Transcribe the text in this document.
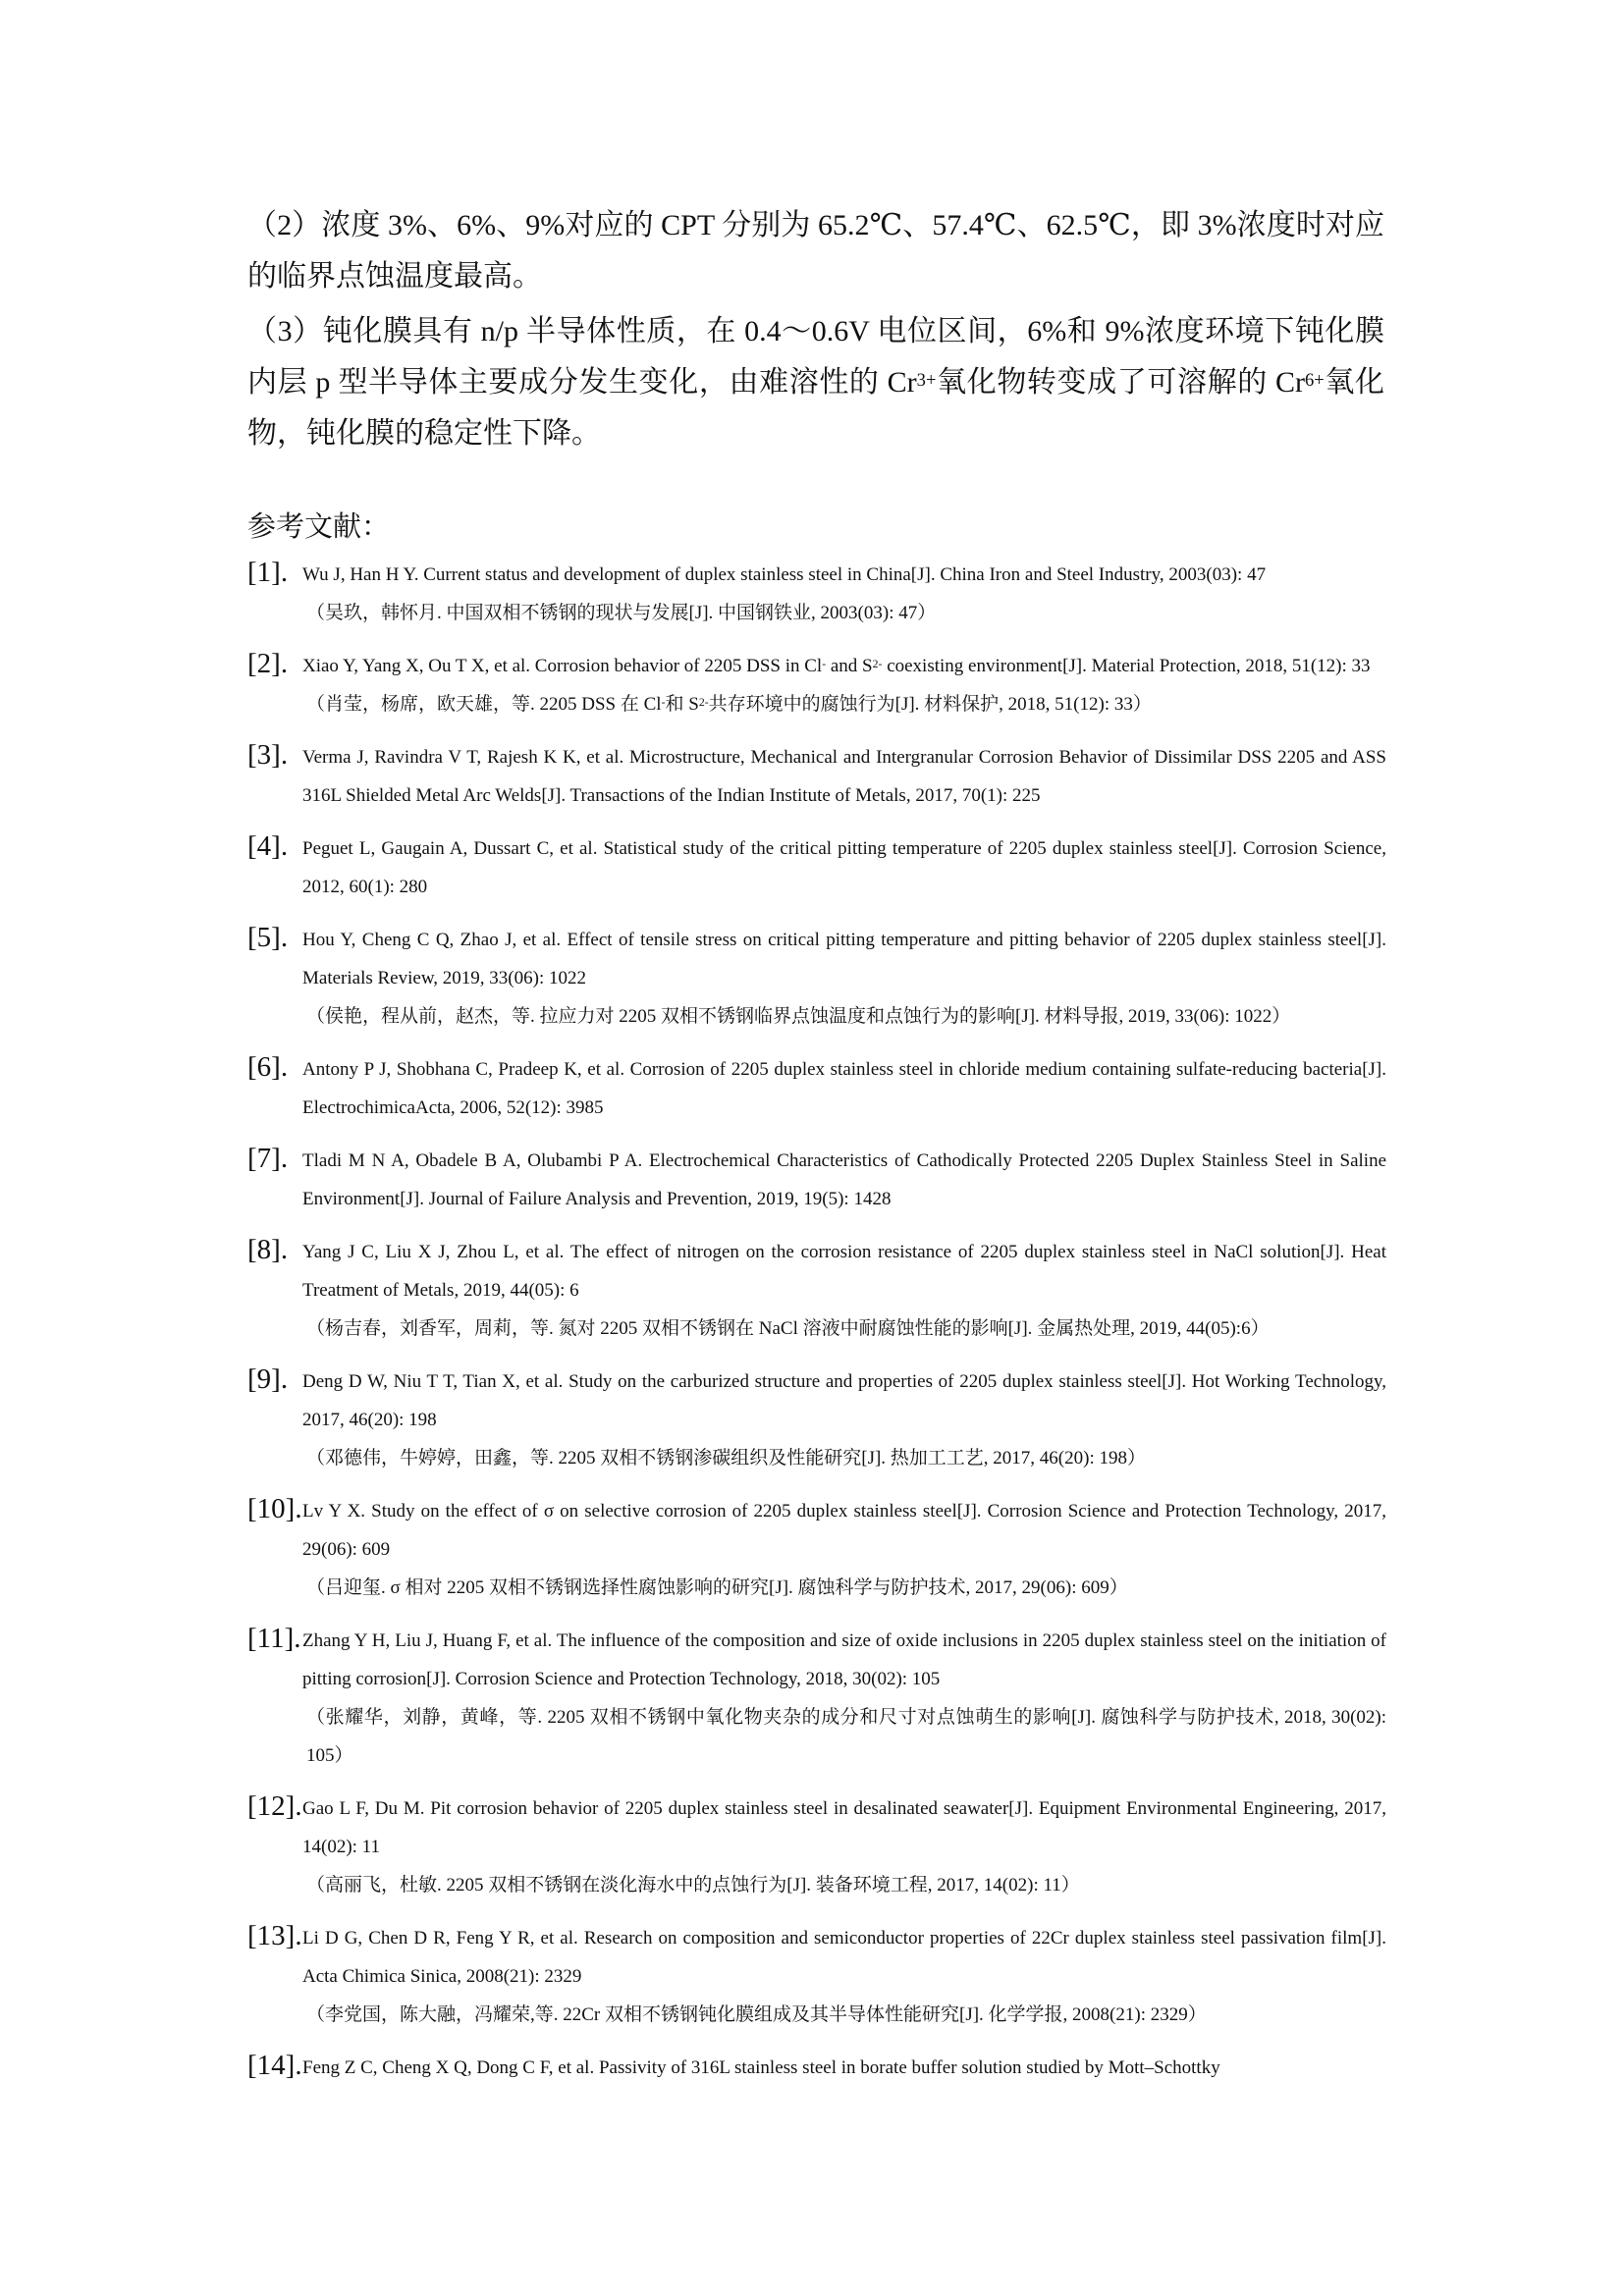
（2）浓度 3%、6%、9%对应的 CPT 分别为 65.2℃、57.4℃、62.5℃，即 3%浓度时对应的临界点蚀温度最高。

（3）钝化膜具有 n/p 半导体性质，在 0.4～0.6V 电位区间，6%和 9%浓度环境下钝化膜内层 p 型半导体主要成分发生变化，由难溶性的 $Cr^{3+}$氧化物转变成了可溶解的 $Cr^{6+}$氧化物，钝化膜的稳定性下降。

参考文献：

[1]. Wu J, Han H Y. Current status and development of duplex stainless steel in China[J]. China Iron and Steel Industry, 2003(03): 47

（吴玖，韩怀月. 中国双相不锈钢的现状与发展[J]. 中国钢铁业, 2003(03): 47）

[2]. Xiao Y, Yang X, Ou T X, et al. Corrosion behavior of 2205 DSS in Cl- and $S^{2-}$ coexisting environment[J]. Material Protection, 2018, 51(12): 33

（肖莹，杨席，欧天雄，等. 2205 DSS 在 Cl-和 $S^{2-}$共存环境中的腐蚀行为[J]. 材料保护, 2018, 51(12): 33）

[3]. Verma J, Ravindra V T, Rajesh K K, et al. Microstructure, Mechanical and Intergranular Corrosion Behavior of Dissimilar DSS 2205 and ASS 316L Shielded Metal Arc Welds[J]. Transactions of the Indian Institute of Metals, 2017, 70(1): 225

[4]. Peguet L, Gaugain A, Dussart C, et al. Statistical study of the critical pitting temperature of 2205 duplex stainless steel[J]. Corrosion Science, 2012, 60(1): 280

[5]. Hou Y, Cheng C Q, Zhao J, et al. Effect of tensile stress on critical pitting temperature and pitting behavior of 2205 duplex stainless steel[J]. Materials Review, 2019, 33(06): 1022

（侯艳，程从前，赵杰，等. 拉应力对 2205 双相不锈钢临界点蚀温度和点蚀行为的影响[J]. 材料导报, 2019, 33(06): 1022）

[6]. Antony P J, Shobhana C, Pradeep K, et al. Corrosion of 2205 duplex stainless steel in chloride medium containing sulfate-reducing bacteria[J]. ElectrochimicaActa, 2006, 52(12): 3985

[7]. Tladi M N A, Obadele B A, Olubambi P A. Electrochemical Characteristics of Cathodically Protected 2205 Duplex Stainless Steel in Saline Environment[J]. Journal of Failure Analysis and Prevention, 2019, 19(5): 1428

[8]. Yang J C, Liu X J, Zhou L, et al. The effect of nitrogen on the corrosion resistance of 2205 duplex stainless steel in NaCl solution[J]. Heat Treatment of Metals, 2019, 44(05): 6

（杨吉春，刘香军，周莉，等. 氮对 2205 双相不锈钢在 NaCl 溶液中耐腐蚀性能的影响[J]. 金属热处理, 2019, 44(05):6）

[9]. Deng D W, Niu T T, Tian X, et al. Study on the carburized structure and properties of 2205 duplex stainless steel[J]. Hot Working Technology, 2017, 46(20): 198

（邓德伟，牛婷婷，田鑫，等. 2205 双相不锈钢渗碳组织及性能研究[J]. 热加工工艺, 2017, 46(20): 198）

[10]. Lv Y X. Study on the effect of σ on selective corrosion of 2205 duplex stainless steel[J]. Corrosion Science and Protection Technology, 2017, 29(06): 609

（吕迎玺. σ 相对 2205 双相不锈钢选择性腐蚀影响的研究[J]. 腐蚀科学与防护技术, 2017, 29(06): 609）

[11]. Zhang Y H, Liu J, Huang F, et al. The influence of the composition and size of oxide inclusions in 2205 duplex stainless steel on the initiation of pitting corrosion[J]. Corrosion Science and Protection Technology, 2018, 30(02): 105

（张耀华，刘静，黄峰，等. 2205 双相不锈钢中氧化物夹杂的成分和尺寸对点蚀萌生的影响[J]. 腐蚀科学与防护技术, 2018, 30(02): 105）

[12]. Gao L F, Du M. Pit corrosion behavior of 2205 duplex stainless steel in desalinated seawater[J]. Equipment Environmental Engineering, 2017, 14(02): 11

（高丽飞，杜敏. 2205 双相不锈钢在淡化海水中的点蚀行为[J]. 装备环境工程, 2017, 14(02): 11）

[13]. Li D G, Chen D R, Feng Y R, et al. Research on composition and semiconductor properties of 22Cr duplex stainless steel passivation film[J]. Acta Chimica Sinica, 2008(21): 2329

（李党国，陈大融，冯耀荣,等. 22Cr 双相不锈钢钝化膜组成及其半导体性能研究[J]. 化学学报, 2008(21): 2329）

[14]. Feng Z C, Cheng X Q, Dong C F, et al. Passivity of 316L stainless steel in borate buffer solution studied by Mott–Schottky
